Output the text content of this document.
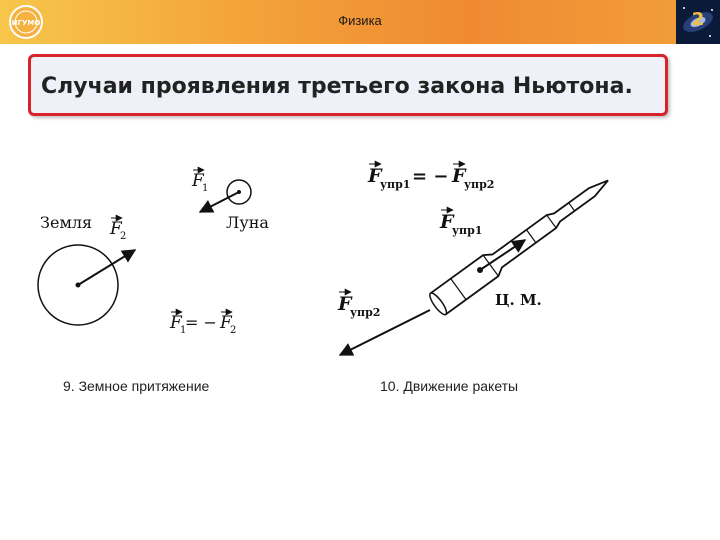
ИГУМО	Физика	2
Случаи проявления третьего закона Ньютона.
Земля	Луна
F
1
F
2
F
1
= − F
2
F
упр1 = − F
упр2
F
упр1
F
упр2
Ц. М.
9. Земное притяжение	10. Движение ракеты
